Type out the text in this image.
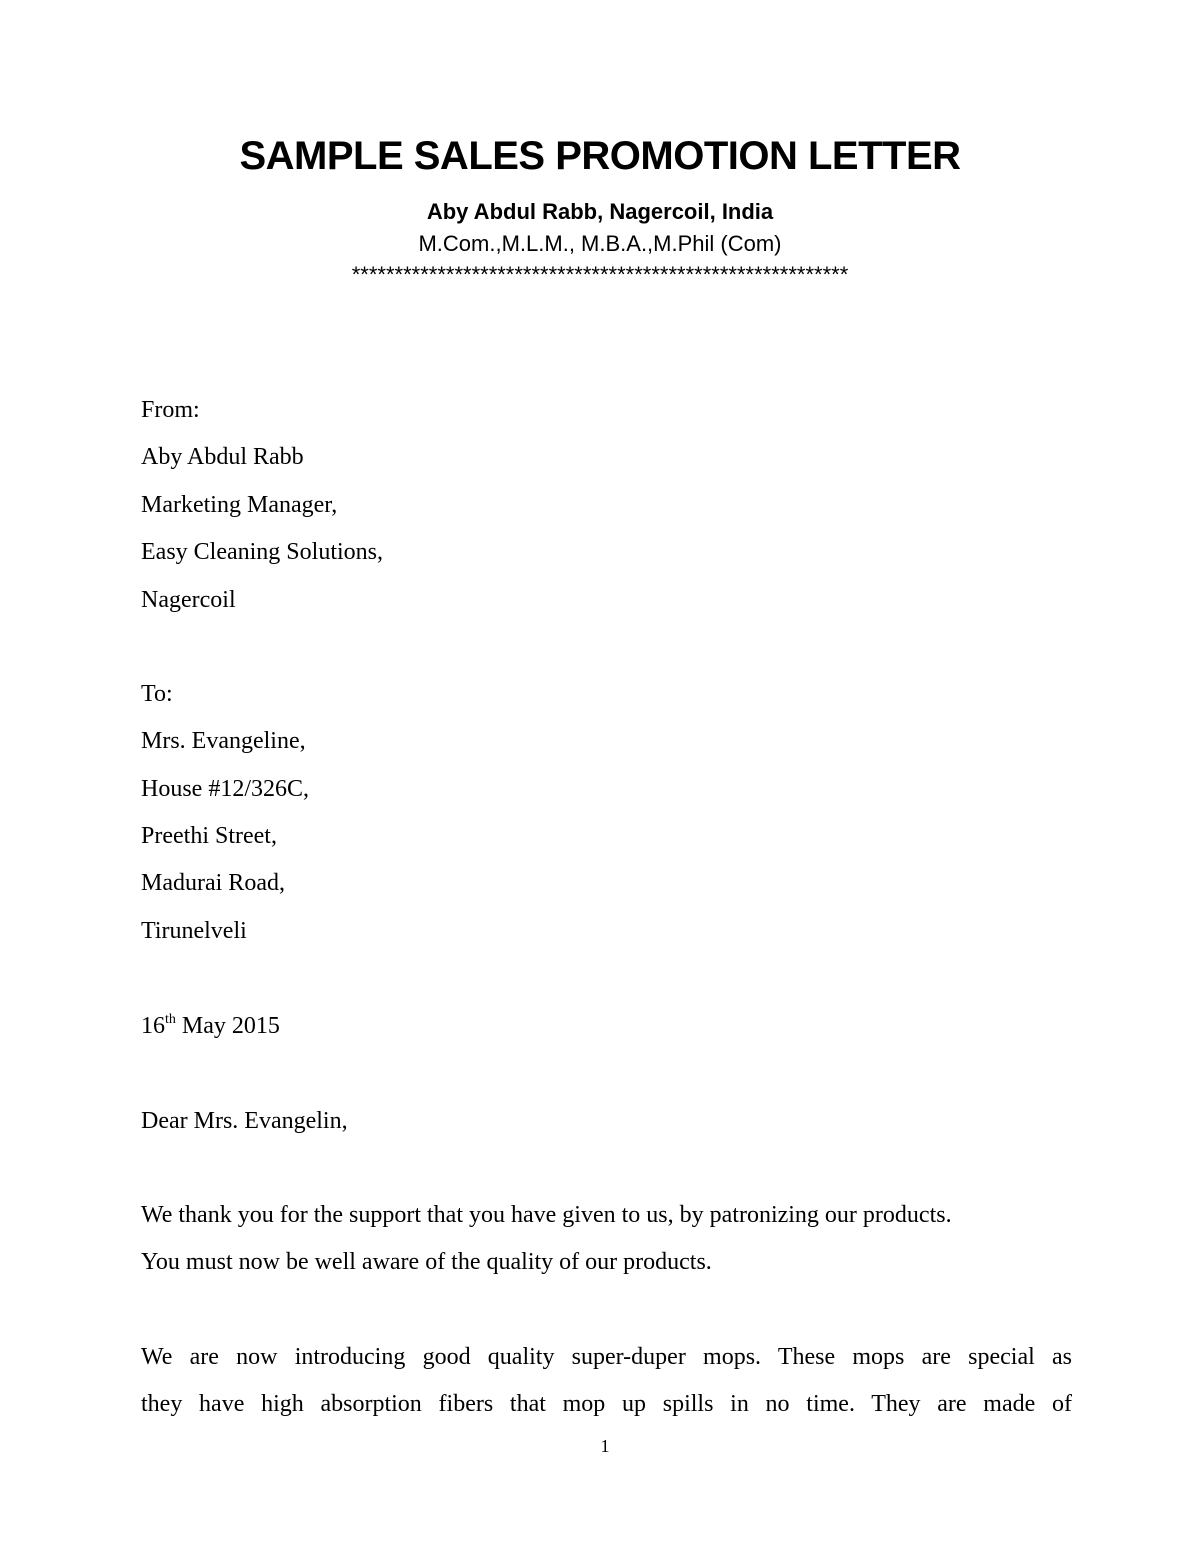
SAMPLE SALES PROMOTION LETTER
Aby Abdul Rabb, Nagercoil, India
M.Com.,M.L.M., M.B.A.,M.Phil (Com)
**********************************************************
From:
Aby Abdul Rabb
Marketing Manager,
Easy Cleaning Solutions,
Nagercoil
To:
Mrs. Evangeline,
House #12/326C,
Preethi Street,
Madurai Road,
Tirunelveli
16th May 2015
Dear Mrs. Evangelin,
We thank you for the support that you have given to us, by patronizing our products.
You must now be well aware of the quality of our products.
We are now introducing good quality super-duper mops. These mops are special as
they have high absorption fibers that mop up spills in no time. They are made of
1
